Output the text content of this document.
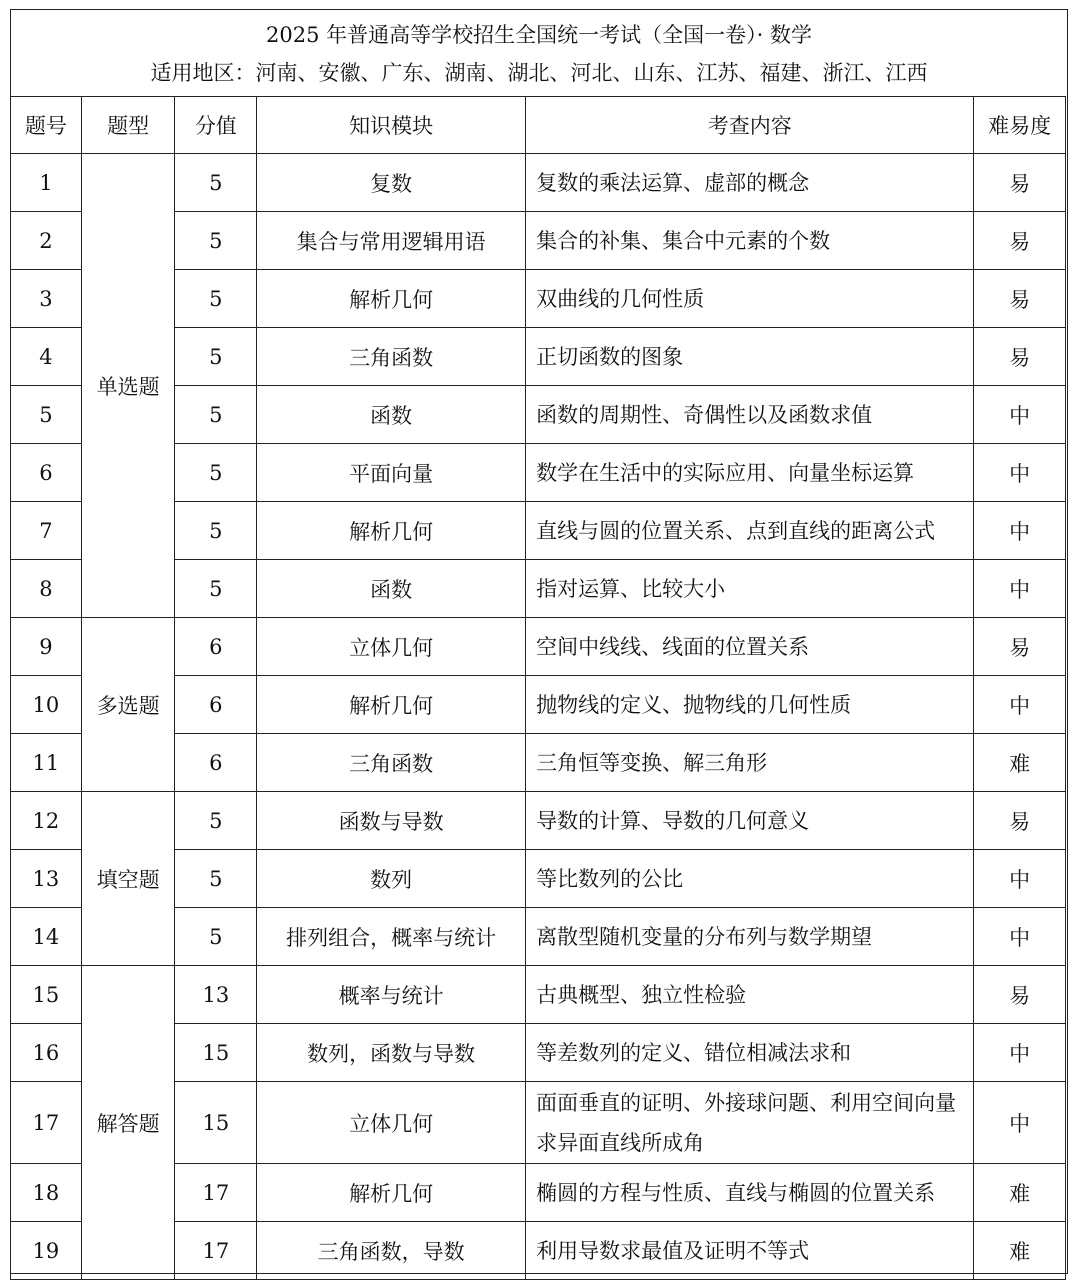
2025 年普通高等学校招生全国统一考试（全国一卷）· 数学
适用地区：河南、安徽、广东、湖南、湖北、河北、山东、江苏、福建、浙江、江西
题号	题型	分值	知识模块	考查内容	难易度
1	单选题	5	复数	复数的乘法运算、虚部的概念	易
2		5	集合与常用逻辑用语	集合的补集、集合中元素的个数	易
3		5	解析几何	双曲线的几何性质	易
4		5	三角函数	正切函数的图象	易
5		5	函数	函数的周期性、奇偶性以及函数求值	中
6		5	平面向量	数学在生活中的实际应用、向量坐标运算	中
7		5	解析几何	直线与圆的位置关系、点到直线的距离公式	中
8		5	函数	指对运算、比较大小	中
9	多选题	6	立体几何	空间中线线、线面的位置关系	易
10		6	解析几何	抛物线的定义、抛物线的几何性质	中
11		6	三角函数	三角恒等变换、解三角形	难
12	填空题	5	函数与导数	导数的计算、导数的几何意义	易
13		5	数列	等比数列的公比	中
14		5	排列组合，概率与统计	离散型随机变量的分布列与数学期望	中
15	解答题	13	概率与统计	古典概型、独立性检验	易
16		15	数列，函数与导数	等差数列的定义、错位相减法求和	中
17		15	立体几何	面面垂直的证明、外接球问题、利用空间向量求异面直线所成角	中
18		17	解析几何	椭圆的方程与性质、直线与椭圆的位置关系	难
19		17	三角函数，导数	利用导数求最值及证明不等式	难
